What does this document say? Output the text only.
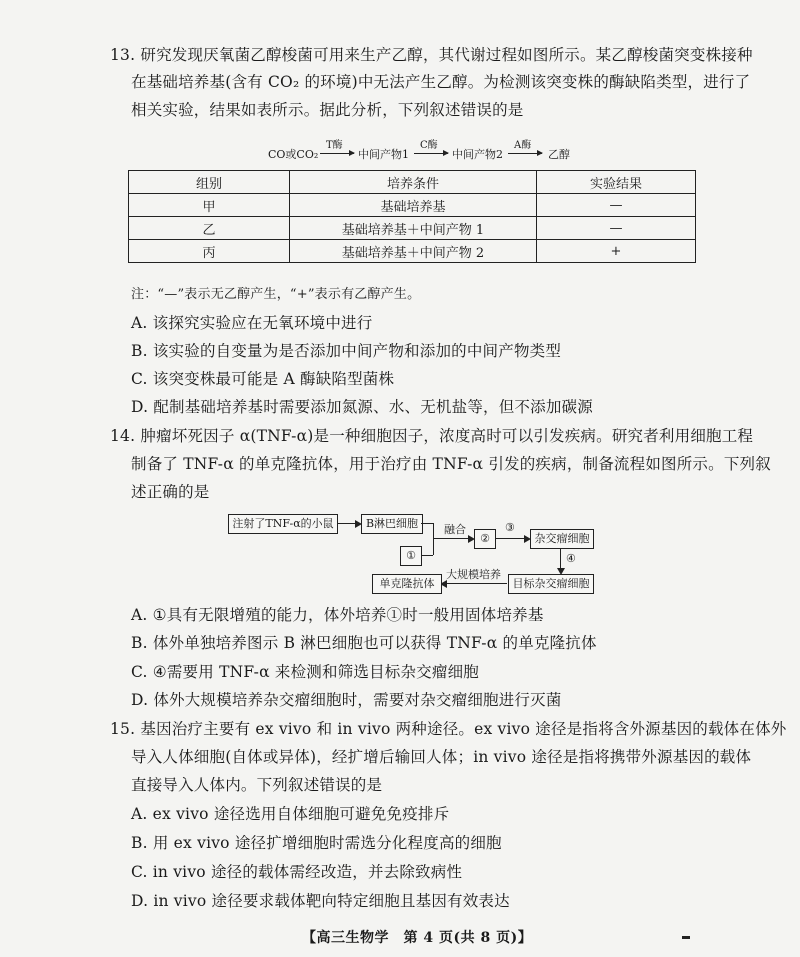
13. 研究发现厌氧菌乙醇梭菌可用来生产乙醇，其代谢过程如图所示。某乙醇梭菌突变株接种
在基础培养基(含有 CO₂ 的环境)中无法产生乙醇。为检测该突变株的酶缺陷类型，进行了
相关实验，结果如表所示。据此分析，下列叙述错误的是
CO或CO₂
T酶
中间产物1
C酶
中间产物2
A酶
乙醇
组别	培养条件	实验结果
甲	基础培养基	—
乙	基础培养基＋中间产物 1	—
丙	基础培养基＋中间产物 2	+
注：“—”表示无乙醇产生，“+”表示有乙醇产生。
A. 该探究实验应在无氧环境中进行
B. 该实验的自变量为是否添加中间产物和添加的中间产物类型
C. 该突变株最可能是 A 酶缺陷型菌株
D. 配制基础培养基时需要添加氮源、水、无机盐等，但不添加碳源
14. 肿瘤坏死因子 α(TNF-α)是一种细胞因子，浓度高时可以引发疾病。研究者利用细胞工程
制备了 TNF-α 的单克隆抗体，用于治疗由 TNF-α 引发的疾病，制备流程如图所示。下列叙
述正确的是
注射了TNF-α的小鼠	B淋巴细胞
①
融合
②
③
杂交瘤细胞
④
目标杂交瘤细胞
大规模培养
单克隆抗体
A. ①具有无限增殖的能力，体外培养①时一般用固体培养基
B. 体外单独培养图示 B 淋巴细胞也可以获得 TNF-α 的单克隆抗体
C. ④需要用 TNF-α 来检测和筛选目标杂交瘤细胞
D. 体外大规模培养杂交瘤细胞时，需要对杂交瘤细胞进行灭菌
15. 基因治疗主要有 ex vivo 和 in vivo 两种途径。ex vivo 途径是指将含外源基因的载体在体外
导入人体细胞(自体或异体)，经扩增后输回人体；in vivo 途径是指将携带外源基因的载体
直接导入人体内。下列叙述错误的是
A. ex vivo 途径选用自体细胞可避免免疫排斥
B. 用 ex vivo 途径扩增细胞时需选分化程度高的细胞
C. in vivo 途径的载体需经改造，并去除致病性
D. in vivo 途径要求载体靶向特定细胞且基因有效表达
【高三生物学　第 4 页(共 8 页)】
